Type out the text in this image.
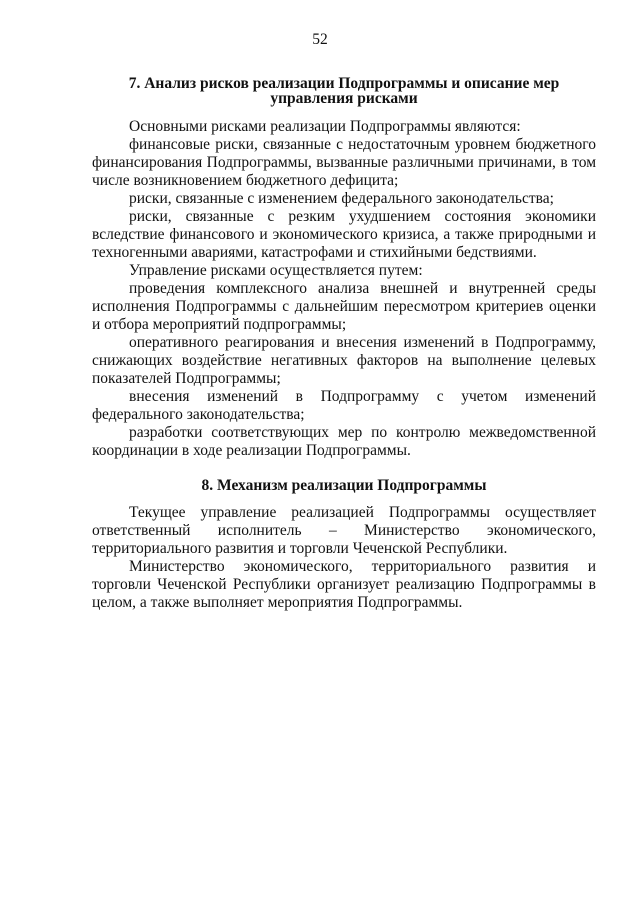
52
7. Анализ рисков реализации Подпрограммы и описание мер
управления рисками

Основными рисками реализации Подпрограммы являются:

финансовые риски, связанные с недостаточным уровнем бюджетного финансирования Подпрограммы, вызванные различными причинами, в том числе возникновением бюджетного дефицита;

риски, связанные с изменением федерального законодательства;

риски, связанные с резким ухудшением состояния экономики вследствие финансового и экономического кризиса, а также природными и техногенными авариями, катастрофами и стихийными бедствиями.

Управление рисками осуществляется путем:

проведения комплексного анализа внешней и внутренней среды исполнения Подпрограммы с дальнейшим пересмотром критериев оценки и отбора мероприятий подпрограммы;

оперативного реагирования и внесения изменений в Подпрограмму, снижающих воздействие негативных факторов на выполнение целевых показателей Подпрограммы;

внесения изменений в Подпрограмму с учетом изменений федерального законодательства;

разработки соответствующих мер по контролю межведомственной координации в ходе реализации Подпрограммы.

8. Механизм реализации Подпрограммы

Текущее управление реализацией Подпрограммы осуществляет ответственный исполнитель – Министерство экономического, территориального развития и торговли Чеченской Республики.

Министерство экономического, территориального развития и торговли Чеченской Республики организует реализацию Подпрограммы в целом, а также выполняет мероприятия Подпрограммы.
